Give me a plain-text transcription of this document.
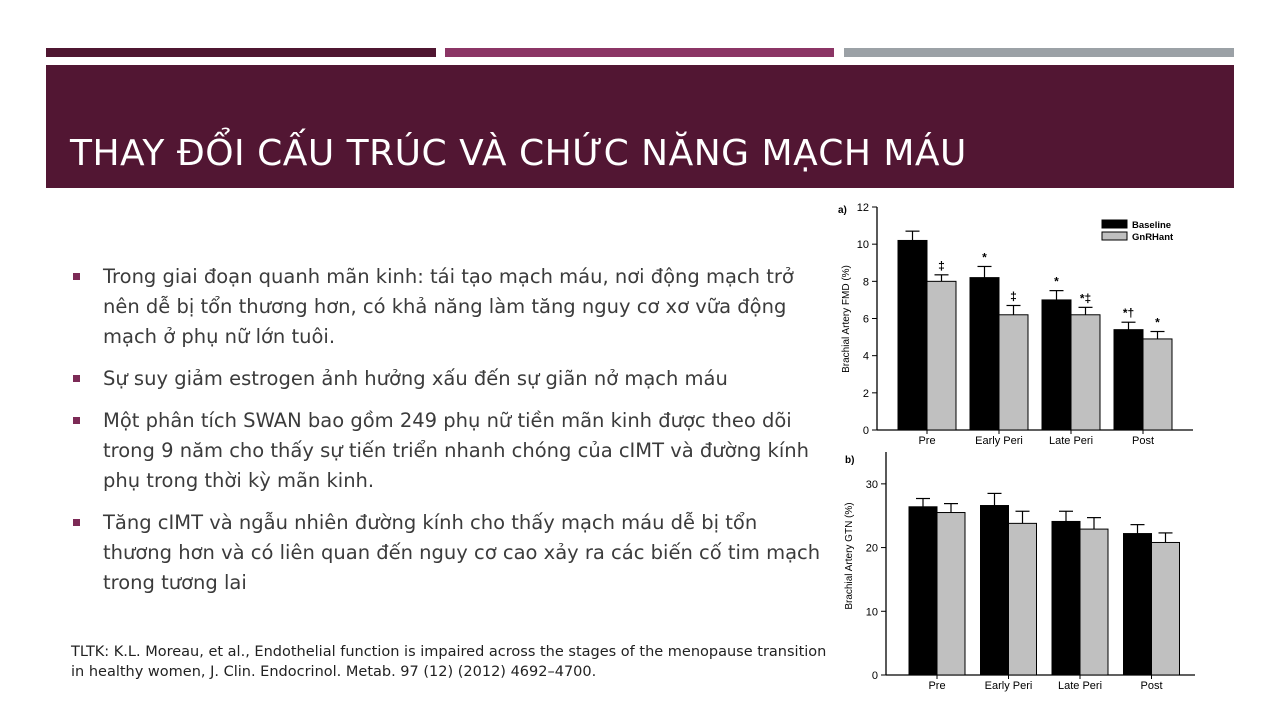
THAY ĐỔI CẤU TRÚC VÀ CHỨC NĂNG MẠCH MÁU
Trong giai đoạn quanh mãn kinh: tái tạo mạch máu, nơi động mạch trở nên dễ bị tổn thương hơn, có khả năng làm tăng nguy cơ xơ vữa động mạch ở phụ nữ lớn tuôi.
Sự suy giảm estrogen ảnh hưởng xấu đến sự giãn nở mạch máu
Một phân tích SWAN bao gồm 249 phụ nữ tiền mãn kinh được theo dõi trong 9 năm cho thấy sự tiến triển nhanh chóng của cIMT và đường kính phụ trong thời kỳ mãn kinh.
Tăng cIMT và ngẫu nhiên đường kính cho thấy mạch máu dễ bị tổn thương hơn và có liên quan đến nguy cơ cao xảy ra các biến cố tim mạch trong tương lai
TLTK: K.L. Moreau, et al., Endothelial function is impaired across the stages of the menopause transition in healthy women, J. Clin. Endocrinol. Metab. 97 (12) (2012) 4692–4700.
a)
0
2
4
6
8
10
12
Brachial Artery FMD (%)	‡
Pre
*
‡
Early Peri
*
*‡
Late Peri
*†
*
Post
Baseline
GnRHant
b)
0
10
20
30
Brachial Artery GTN (%)
Pre	Early Peri Late Peri	Post
